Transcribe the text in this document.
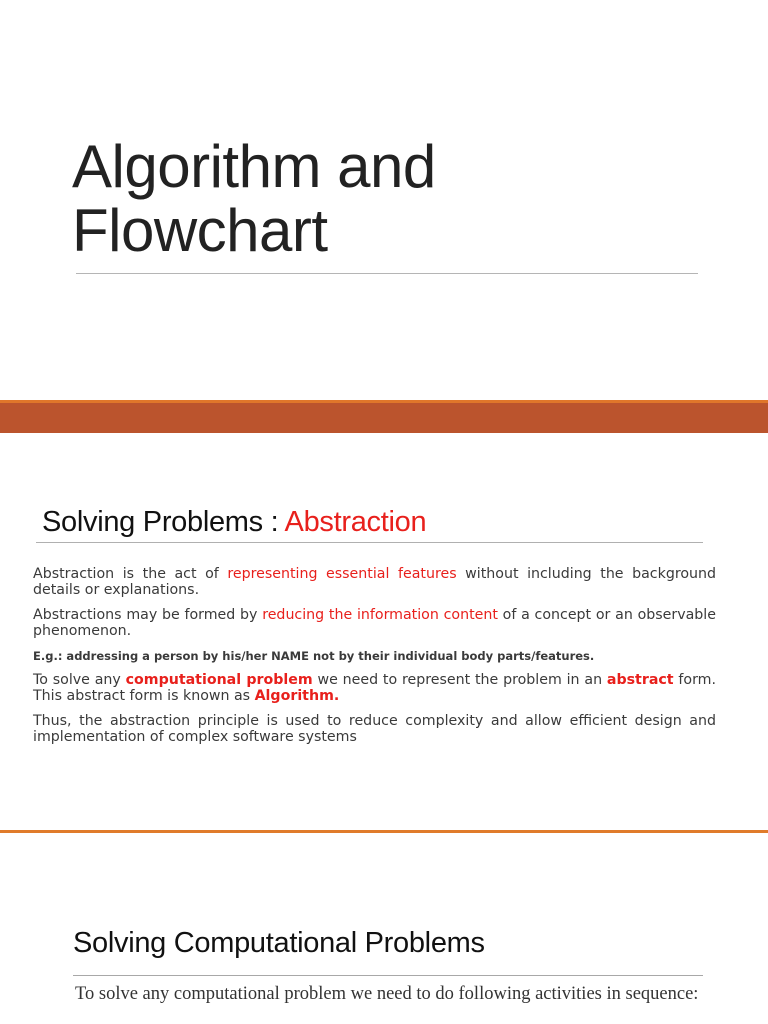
Algorithm and
Flowchart
Solving Problems : Abstraction

Abstraction is the act of representing essential features without including the background details or explanations.

Abstractions may be formed by reducing the information content of a concept or an observable phenomenon.

E.g.: addressing a person by his/her NAME not by their individual body parts/features.

To solve any computational problem we need to represent the problem in an abstract form. This abstract form is known as Algorithm.

Thus, the abstraction principle is used to reduce complexity and allow efficient design and implementation of complex software systems

Solving Computational Problems

To solve any computational problem we need to do following activities in sequence:
